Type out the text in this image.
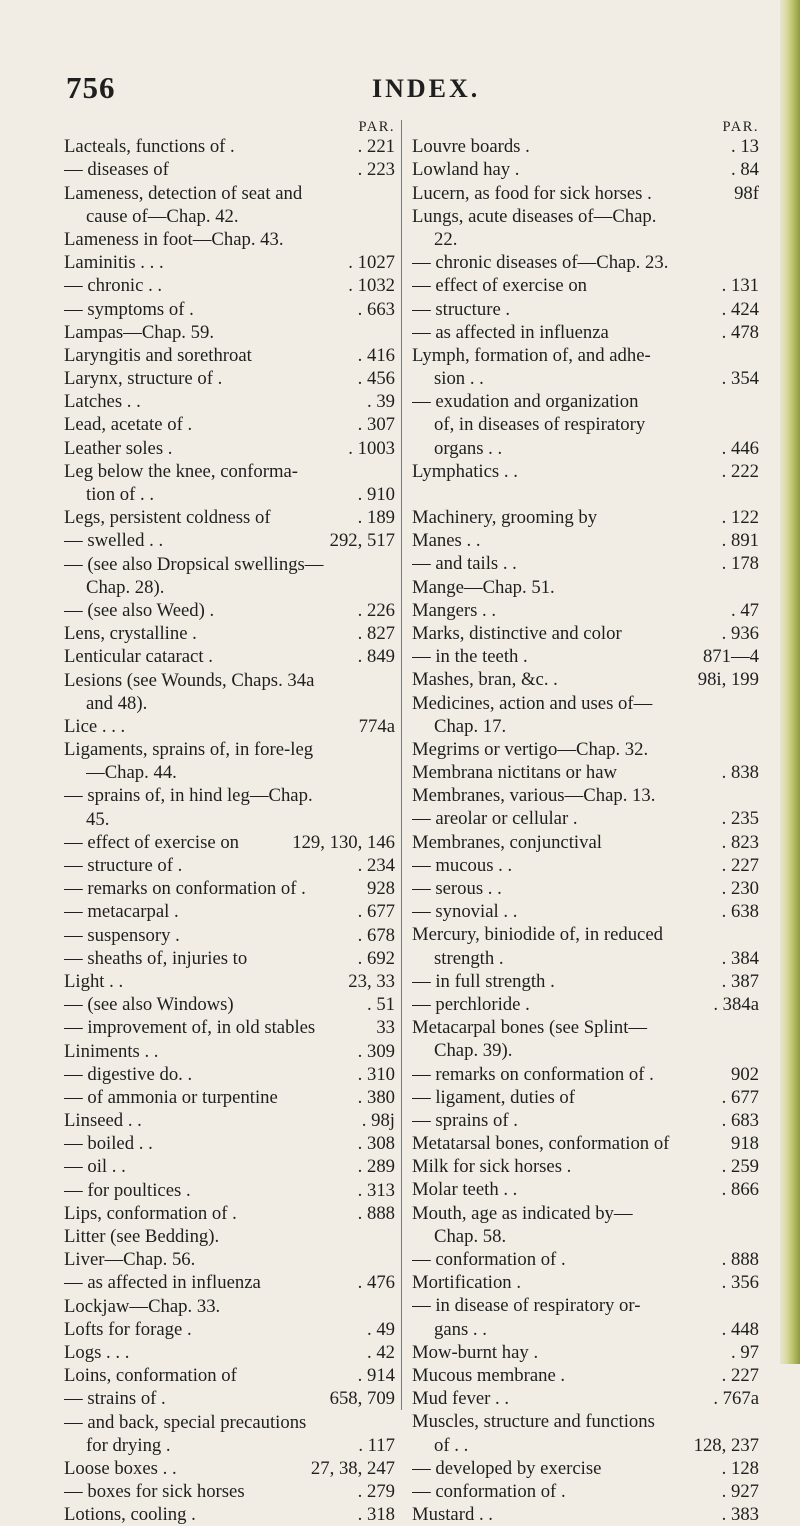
756	INDEX.
PAR.
Lacteals, functions of .	. 221
— diseases of	. 223
Lameness, detection of seat and
cause of—Chap. 42.
Lameness in foot—Chap. 43.
Laminitis . . .	. 1027
— chronic . .	. 1032
— symptoms of .	. 663
Lampas—Chap. 59.
Laryngitis and sorethroat	. 416
Larynx, structure of .	. 456
Latches . .	. 39
Lead, acetate of .	. 307
Leather soles .	. 1003
Leg below the knee, conforma-
tion of . .	. 910
Legs, persistent coldness of	. 189
— swelled . .	292, 517
— (see also Dropsical swellings—
Chap. 28).
— (see also Weed) .	. 226
Lens, crystalline .	. 827
Lenticular cataract .	. 849
Lesions (see Wounds, Chaps. 34a
and 48).
Lice . . .	774a
Ligaments, sprains of, in fore-leg
—Chap. 44.
— sprains of, in hind leg—Chap.
45.
— effect of exercise on	129, 130, 146
— structure of .	. 234
— remarks on conformation of .	928
— metacarpal .	. 677
— suspensory .	. 678
— sheaths of, injuries to	. 692
Light . .	23, 33
— (see also Windows)	. 51
— improvement of, in old stables	33
Liniments . .	. 309
— digestive do. .	. 310
— of ammonia or turpentine	. 380
Linseed . .	. 98j
— boiled . .	. 308
— oil . .	. 289
— for poultices .	. 313
Lips, conformation of .	. 888
Litter (see Bedding).
Liver—Chap. 56.
— as affected in influenza	. 476
Lockjaw—Chap. 33.
Lofts for forage .	. 49
Logs . . .	. 42
Loins, conformation of	. 914
— strains of .	658, 709
— and back, special precautions
for drying .	. 117
Loose boxes . .	27, 38, 247
— boxes for sick horses	. 279
Lotions, cooling .	. 318
PAR.
Louvre boards .	. 13
Lowland hay .	. 84
Lucern, as food for sick horses .	98f
Lungs, acute diseases of—Chap.
22.
— chronic diseases of—Chap. 23.
— effect of exercise on	. 131
— structure .	. 424
— as affected in influenza	. 478
Lymph, formation of, and adhe-
sion . .	. 354
— exudation and organization
of, in diseases of respiratory
organs . .	. 446
Lymphatics . .	. 222
Machinery, grooming by	. 122
Manes . .	. 891
— and tails . .	. 178
Mange—Chap. 51.
Mangers . .	. 47
Marks, distinctive and color	. 936
— in the teeth .	871—4
Mashes, bran, &c. .	98i, 199
Medicines, action and uses of—
Chap. 17.
Megrims or vertigo—Chap. 32.
Membrana nictitans or haw	. 838
Membranes, various—Chap. 13.
— areolar or cellular .	. 235
Membranes, conjunctival	. 823
— mucous . .	. 227
— serous . .	. 230
— synovial . .	. 638
Mercury, biniodide of, in reduced
strength .	. 384
— in full strength .	. 387
— perchloride .	. 384a
Metacarpal bones (see Splint—
Chap. 39).
— remarks on conformation of .	902
— ligament, duties of	. 677
— sprains of .	. 683
Metatarsal bones, conformation of	918
Milk for sick horses .	. 259
Molar teeth . .	. 866
Mouth, age as indicated by—
Chap. 58.
— conformation of .	. 888
Mortification .	. 356
— in disease of respiratory or-
gans . .	. 448
Mow-burnt hay .	. 97
Mucous membrane .	. 227
Mud fever . .	. 767a
Muscles, structure and functions
of . .	128, 237
— developed by exercise	. 128
— conformation of .	. 927
Mustard . .	. 383
